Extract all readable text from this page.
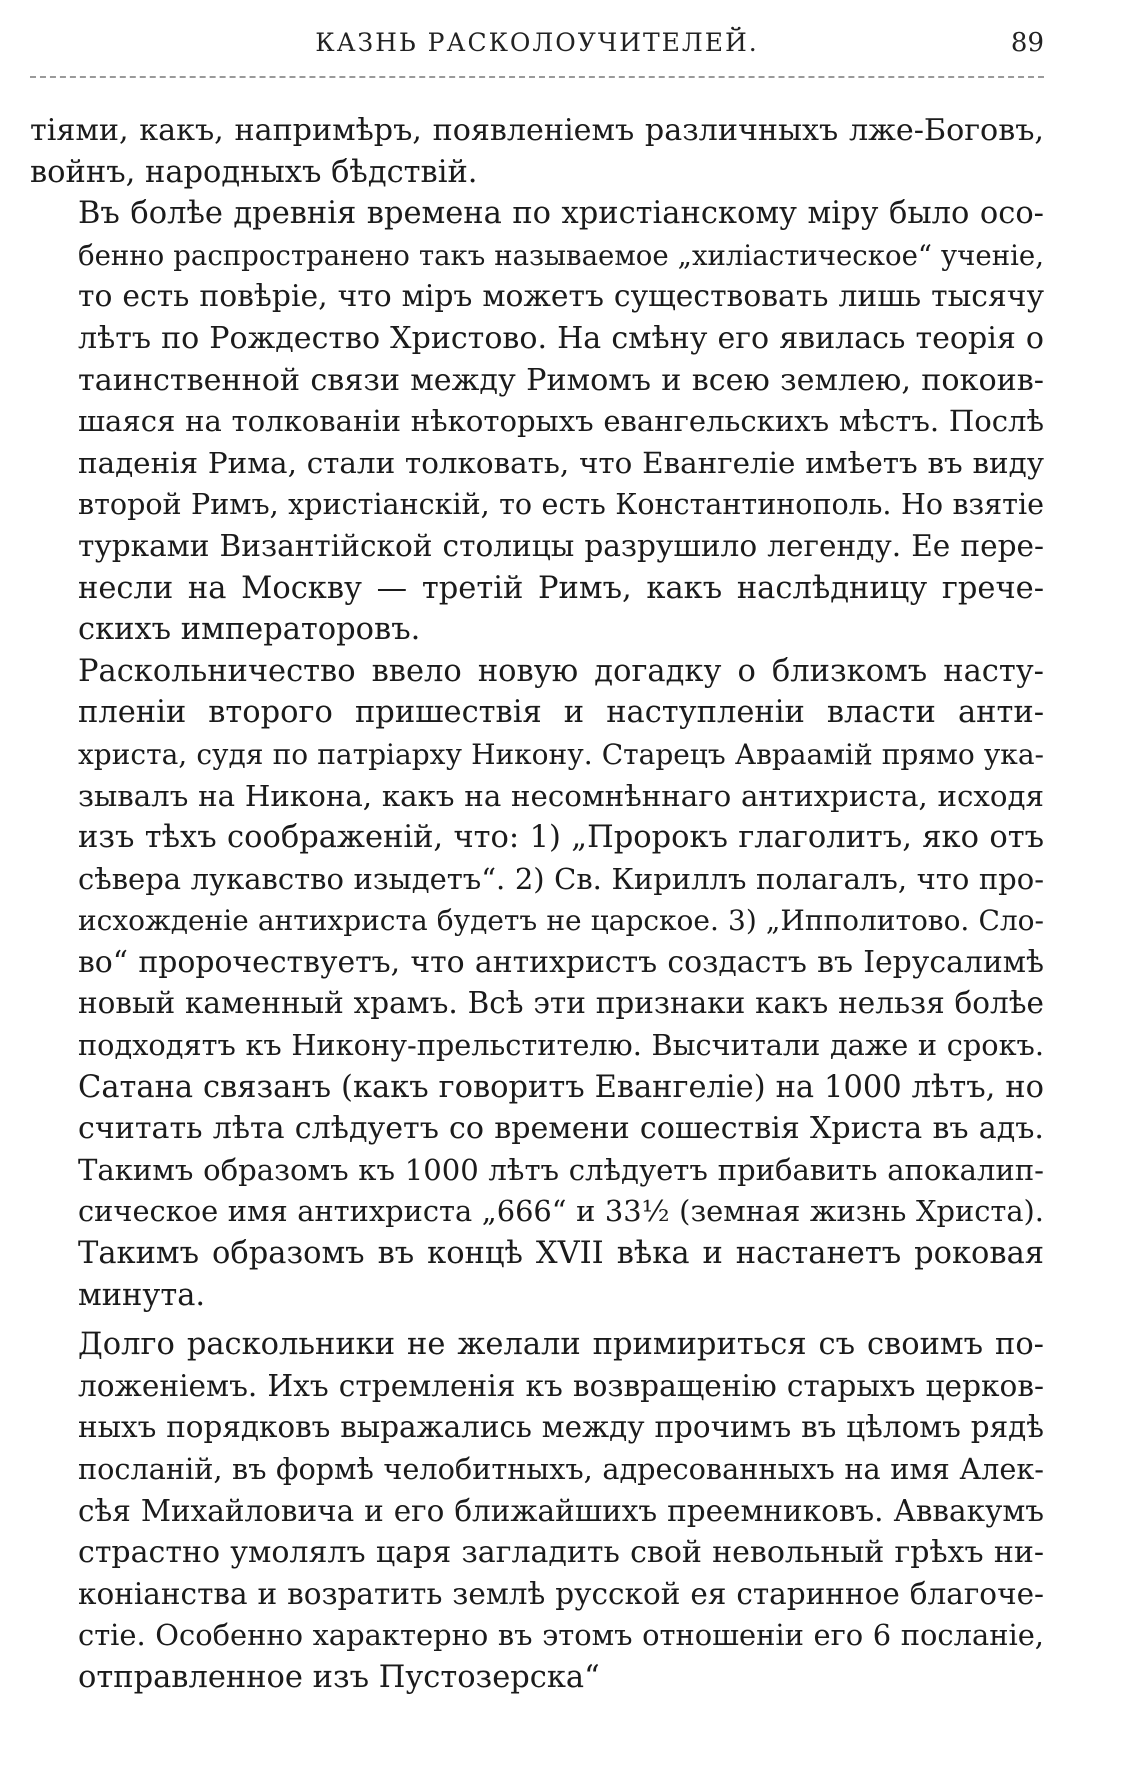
КАЗНЬ РАСКОЛОУЧИТЕЛЕЙ.	89

тіями, какъ, напримѣръ, появленіемъ различныхъ лже-Боговъ,
войнъ, народныхъ бѣдствій.

Въ болѣе древнія времена по христіанскому міру было осо-
бенно распространено такъ называемое „хиліастическое“ ученіе,
то есть повѣріе, что міръ можетъ существовать лишь тысячу
лѣтъ по Рождество Христово. На смѣну его явилась теорія о
таинственной связи между Римомъ и всею землею, покоив-
шаяся на толкованіи нѣкоторыхъ евангельскихъ мѣстъ. Послѣ
паденія Рима, стали толковать, что Евангеліе имѣетъ въ виду
второй Римъ, христіанскій, то есть Константинополь. Но взятіе
турками Византійской столицы разрушило легенду. Ее пере-
несли на Москву — третій Римъ, какъ наслѣдницу грече-
скихъ императоровъ.

Раскольничество ввело новую догадку о близкомъ насту-
пленіи второго пришествія и наступленіи власти анти-
христа, судя по патріарху Никону. Старецъ Авраамій прямо ука-
зывалъ на Никона, какъ на несомнѣннаго антихриста, исходя
изъ тѣхъ соображеній, что: 1) „Пророкъ глаголитъ, яко отъ
сѣвера лукавство изыдетъ“. 2) Св. Кириллъ полагалъ, что про-
исхожденіе антихриста будетъ не царское. 3) „Ипполитово. Сло-
во“ пророчествуетъ, что антихристъ создастъ въ Іерусалимѣ
новый каменный храмъ. Всѣ эти признаки какъ нельзя болѣе
подходятъ къ Никону-прельстителю. Высчитали даже и срокъ.
Сатана связанъ (какъ говоритъ Евангеліе) на 1000 лѣтъ, но
считать лѣта слѣдуетъ со времени сошествія Христа въ адъ.
Такимъ образомъ къ 1000 лѣтъ слѣдуетъ прибавить апокалип-
сическое имя антихриста „666“ и 33½ (земная жизнь Христа).
Такимъ образомъ въ концѣ XVII вѣка и настанетъ роковая
минута.

Долго раскольники не желали примириться съ своимъ по-
ложеніемъ. Ихъ стремленія къ возвращенію старыхъ церков-
ныхъ порядковъ выражались между прочимъ въ цѣломъ рядѣ
посланій, въ формѣ челобитныхъ, адресованныхъ на имя Алек-
сѣя Михайловича и его ближайшихъ преемниковъ. Аввакумъ
страстно умолялъ царя загладить свой невольный грѣхъ ни-
коніанства и возратить землѣ русской ея старинное благоче-
стіе. Особенно характерно въ этомъ отношеніи его 6 посланіе,
отправленное изъ Пустозерска“
